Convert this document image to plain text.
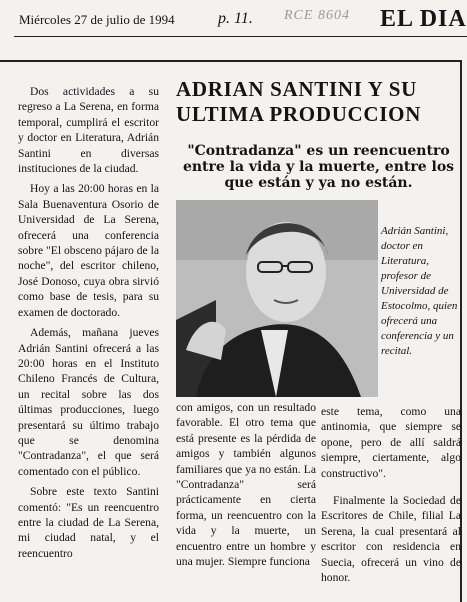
Miércoles 27 de julio de 1994	p. 11. RCE 8604 EL DIA

Dos actividades a su regreso a La Serena, en forma temporal, cumplirá el escritor y doctor en Literatura, Adrián Santini en diversas instituciones de la ciudad.

Hoy a las 20:00 horas en la Sala Buenaventura Osorio de Universidad de La Serena, ofrecerá una conferencia sobre "El obsceno pájaro de la noche", del escritor chileno, José Donoso, cuya obra sirvió como base de tesis, para su examen de doctorado.

Además, mañana jueves Adrián Santini ofrecerá a las 20:00 horas en el Instituto Chileno Francés de Cultura, un recital sobre las dos últimas producciones, luego presentará su último trabajo que se denomina "Contradanza", el que será comentado con el público.

Sobre este texto Santini comentó: "Es un reencuentro entre la ciudad de La Serena, mi ciudad natal, y el reencuentro

ADRIAN SANTINI Y SU ULTIMA PRODUCCION
"Contradanza" es un reencuentro entre la vida y la muerte, entre los que están y ya no están.
Adrián Santini, doctor en Literatura, profesor de Universidad de Estocolmo, quien ofrecerá una conferencia y un recital.

con amigos, con un resultado favorable. El otro tema que está presente es la pérdida de amigos y también algunos familiares que ya no están. La "Contradanza" será prácticamente en cierta forma, un reencuentro con la vida y la muerte, un encuentro entre un hombre y una mujer. Siempre funciona

este tema, como una antinomia, que siempre se opone, pero de allí saldrá siempre, ciertamente, algo constructivo".

Finalmente la Sociedad de Escritores de Chile, filial La Serena, la cual presentará al escritor con residencia en Suecia, ofrecerá un vino de honor.
